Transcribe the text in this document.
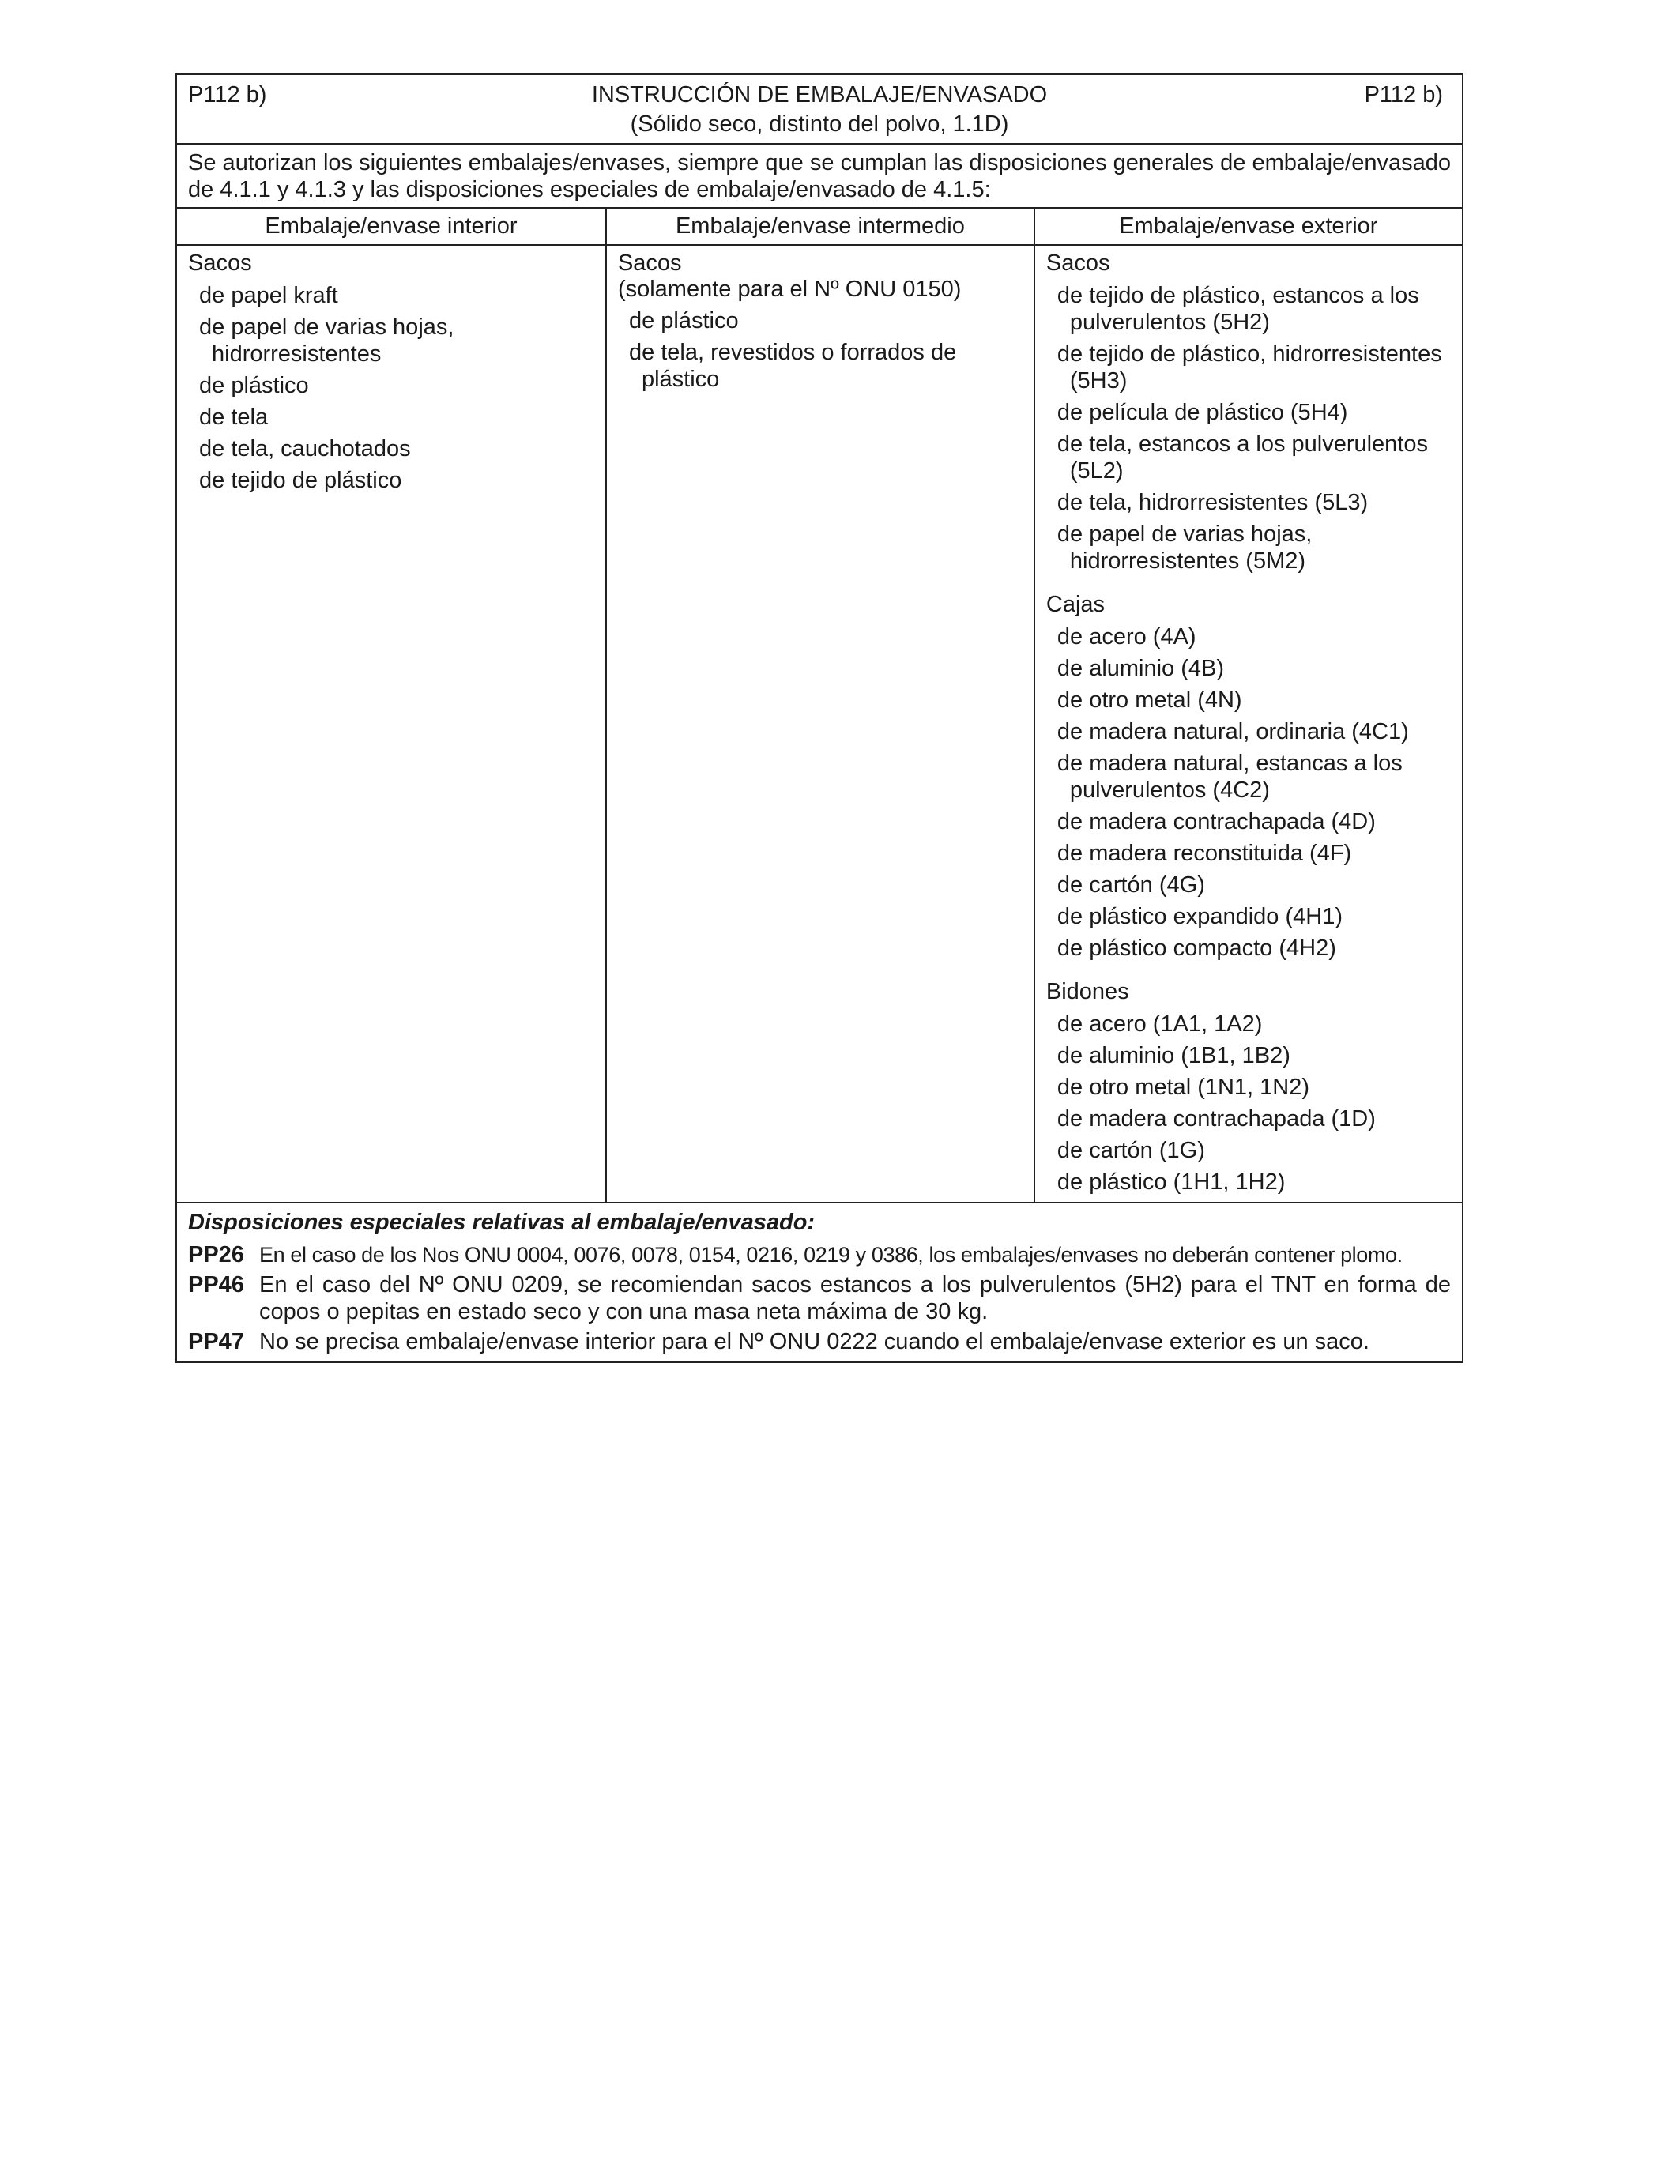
P112 b)	INSTRUCCIÓN DE EMBALAJE/ENVASADO	P112 b)
(Sólido seco, distinto del polvo, 1.1D)
Se autorizan los siguientes embalajes/envases, siempre que se cumplan las disposiciones generales de embalaje/envasado de 4.1.1 y 4.1.3 y las disposiciones especiales de embalaje/envasado de 4.1.5:
Embalaje/envase interior
Sacos
de papel kraft
de papel de varias hojas, hidrorresistentes
de plástico
de tela
de tela, cauchotados
de tejido de plástico
Embalaje/envase intermedio
Sacos
(solamente para el Nº ONU 0150)
de plástico
de tela, revestidos o forrados de plástico
Embalaje/envase exterior
Sacos
de tejido de plástico, estancos a los pulverulentos (5H2)
de tejido de plástico, hidrorresistentes (5H3)
de película de plástico (5H4)
de tela, estancos a los pulverulentos (5L2)
de tela, hidrorresistentes (5L3)
de papel de varias hojas, hidrorresistentes (5M2)
Cajas
de acero (4A)
de aluminio (4B)
de otro metal (4N)
de madera natural, ordinaria (4C1)
de madera natural, estancas a los pulverulentos (4C2)
de madera contrachapada (4D)
de madera reconstituida (4F)
de cartón (4G)
de plástico expandido (4H1)
de plástico compacto (4H2)
Bidones
de acero (1A1, 1A2)
de aluminio (1B1, 1B2)
de otro metal (1N1, 1N2)
de madera contrachapada (1D)
de cartón (1G)
de plástico (1H1, 1H2)
Disposiciones especiales relativas al embalaje/envasado:
PP26 En el caso de los Nos ONU 0004, 0076, 0078, 0154, 0216, 0219 y 0386, los embalajes/envases no deberán contener plomo.
PP46 En el caso del Nº ONU 0209, se recomiendan sacos estancos a los pulverulentos (5H2) para el TNT en forma de copos o pepitas en estado seco y con una masa neta máxima de 30 kg.
PP47 No se precisa embalaje/envase interior para el Nº ONU 0222 cuando el embalaje/envase exterior es un saco.
